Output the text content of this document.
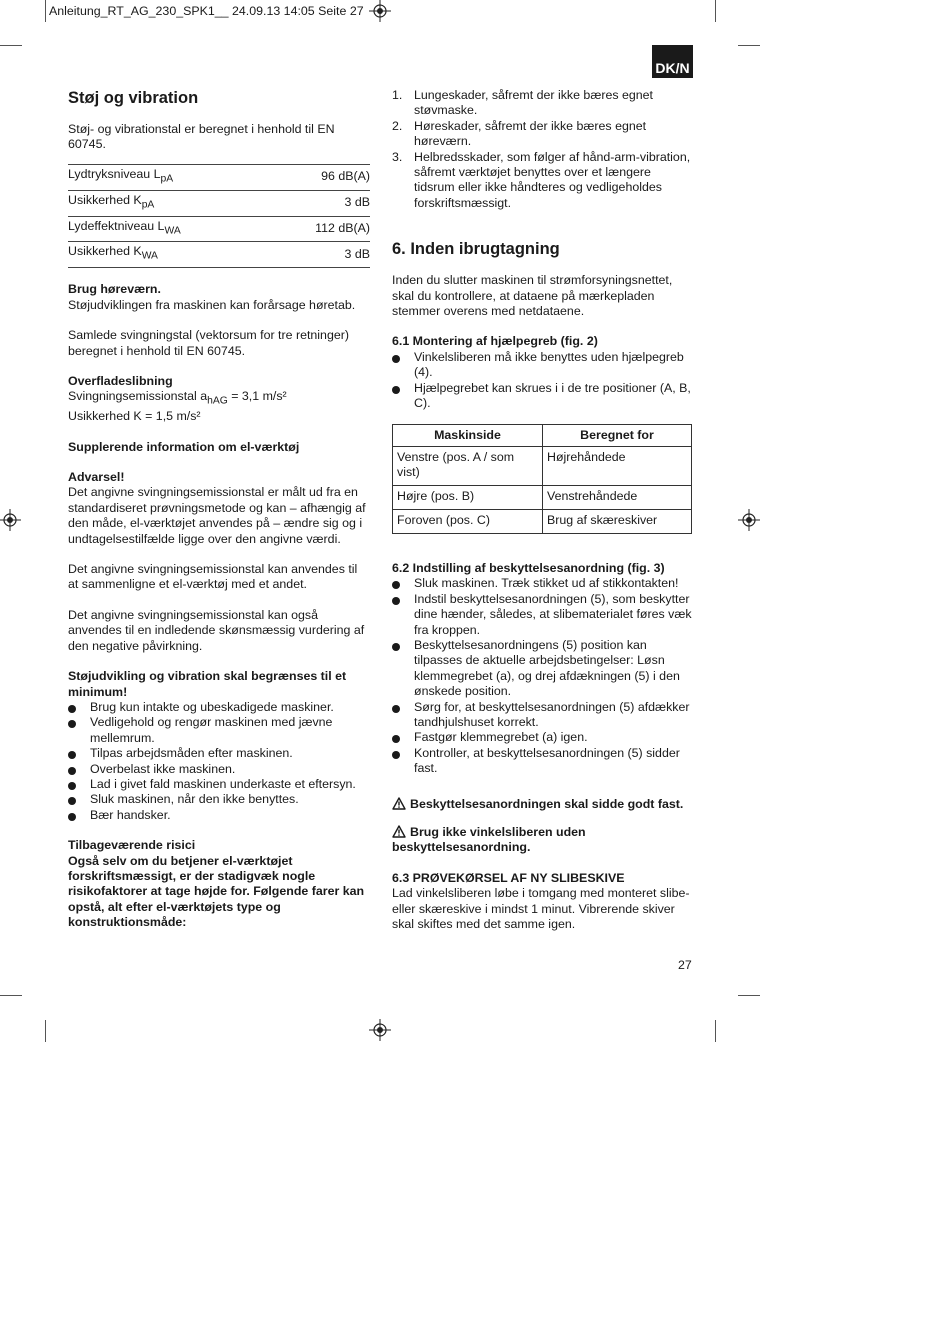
Anleitung_RT_AG_230_SPK1__ 24.09.13 14:05 Seite 27
DK/N
Støj og vibration

Støj- og vibrationstal er beregnet i henhold til EN 60745.

Lydtryksniveau $L_{pA}$	96 dB(A)
Usikkerhed $K_{pA}$	3 dB
Lydeffektniveau $L_{WA}$	112 dB(A)
Usikkerhed $K_{WA}$	3 dB

Brug høreværn.

Støjudviklingen fra maskinen kan forårsage høretab.

Samlede svingningstal (vektorsum for tre retninger) beregnet i henhold til EN 60745.

Overfladeslibning

Svingningsemissionstal $a_{hAG} = 3,1$ m/s²

Usikkerhed K = 1,5 m/s²

Supplerende information om el-værktøj

Advarsel!

Det angivne svingningsemissionstal er målt ud fra en standardiseret prøvningsmetode og kan – afhængig af den måde, el-værktøjet anvendes på – ændre sig og i undtagelsestilfælde ligge over den angivne værdi.

Det angivne svingningsemissionstal kan anvendes til at sammenligne et el-værktøj med et andet.

Det angivne svingningsemissionstal kan også anvendes til en indledende skønsmæssig vurdering af den negative påvirkning.

Støjudvikling og vibration skal begrænses til et minimum!

Brug kun intakte og ubeskadigede maskiner.
Vedligehold og rengør maskinen med jævne mellemrum.
Tilpas arbejdsmåden efter maskinen.
Overbelast ikke maskinen.
Lad i givet fald maskinen underkaste et eftersyn.
Sluk maskinen, når den ikke benyttes.
Bær handsker.

Tilbageværende risici

Også selv om du betjener el-værktøjet forskriftsmæssigt, er der stadigvæk nogle risikofaktorer at tage højde for. Følgende farer kan opstå, alt efter el-værktøjets type og konstruktionsmåde:

1. Lungeskader, såfremt der ikke bæres egnet støvmaske.
2. Høreskader, såfremt der ikke bæres egnet høreværn.
3. Helbredsskader, som følger af hånd-arm-vibration, såfremt værktøjet benyttes over et længere tidsrum eller ikke håndteres og vedligeholdes forskriftsmæssigt.
6. Inden ibrugtagning

Inden du slutter maskinen til strømforsyningsnettet, skal du kontrollere, at dataene på mærkepladen stemmer overens med netdataene.

6.1 Montering af hjælpegreb (fig. 2)

Vinkelsliberen må ikke benyttes uden hjælpegreb (4).
Hjælpegrebet kan skrues i i de tre positioner (A, B, C).
Maskinside	Beregnet for
Venstre (pos. A / som vist)	Højrehåndede
Højre (pos. B)	Venstrehåndede
Foroven (pos. C)	Brug af skæreskiver

6.2 Indstilling af beskyttelsesanordning (fig. 3)

Sluk maskinen. Træk stikket ud af stikkontakten!
Indstil beskyttelsesanordningen (5), som beskytter dine hænder, således, at slibematerialet føres væk fra kroppen.
Beskyttelsesanordningens (5) position kan tilpasses de aktuelle arbejdsbetingelser: Løsn klemmegrebet (a), og drej afdækningen (5) i den ønskede position.
Sørg for, at beskyttelsesanordningen (5) afdækker tandhjulshuset korrekt.
Fastgør klemmegrebet (a) igen.
Kontroller, at beskyttelsesanordningen (5) sidder fast.

Beskyttelsesanordningen skal sidde godt fast.

Brug ikke vinkelsliberen uden beskyttelsesanordning.

6.3 PRØVEKØRSEL AF NY SLIBESKIVE

Lad vinkelsliberen løbe i tomgang med monteret slibe- eller skæreskive i mindst 1 minut. Vibrerende skiver skal skiftes med det samme igen.

27
